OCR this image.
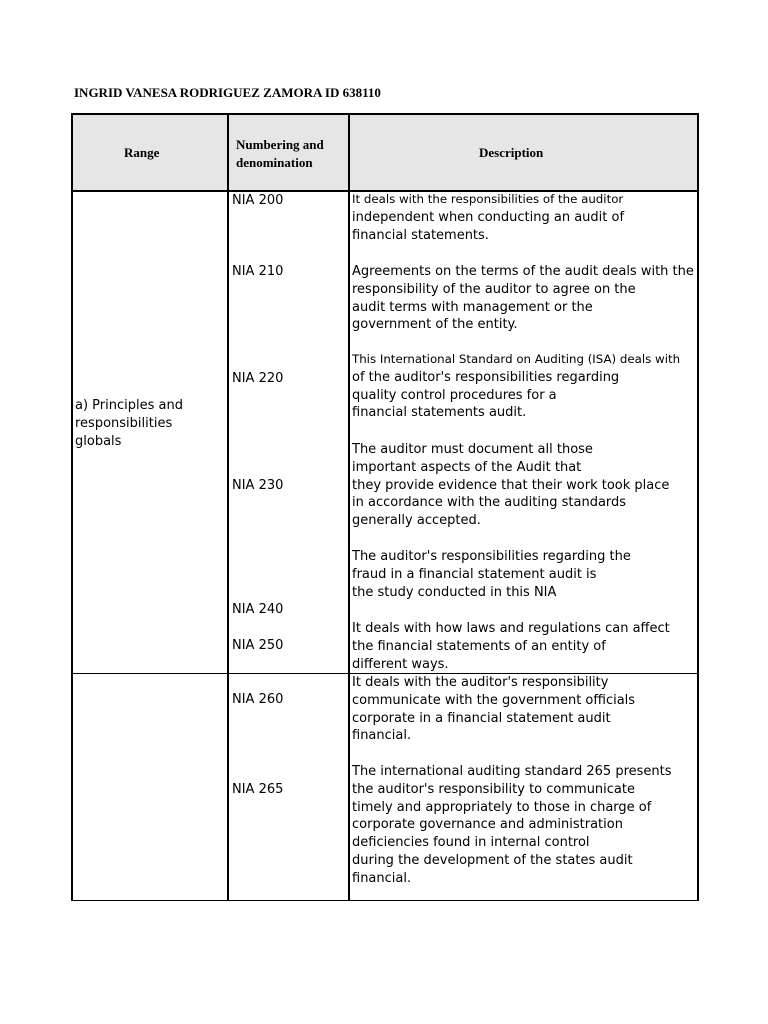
INGRID VANESA RODRIGUEZ ZAMORA ID 638110
Range
Numbering and
denomination
Description
a) Principles and
responsibilities
globals
NIA 200
NIA 210
NIA 220
NIA 230
NIA 240
NIA 250
NIA 260
NIA 265
It deals with the responsibilities of the auditor
independent when conducting an audit of
financial statements.
Agreements on the terms of the audit deals with the
responsibility of the auditor to agree on the
audit terms with management or the
government of the entity.
This International Standard on Auditing (ISA) deals with
of the auditor's responsibilities regarding
quality control procedures for a
financial statements audit.
The auditor must document all those
important aspects of the Audit that
they provide evidence that their work took place
in accordance with the auditing standards
generally accepted.
The auditor's responsibilities regarding the
fraud in a financial statement audit is
the study conducted in this NIA
It deals with how laws and regulations can affect
the financial statements of an entity of
different ways.
It deals with the auditor's responsibility
communicate with the government officials
corporate in a financial statement audit
financial.
The international auditing standard 265 presents
the auditor's responsibility to communicate
timely and appropriately to those in charge of
corporate governance and administration
deficiencies found in internal control
during the development of the states audit
financial.
